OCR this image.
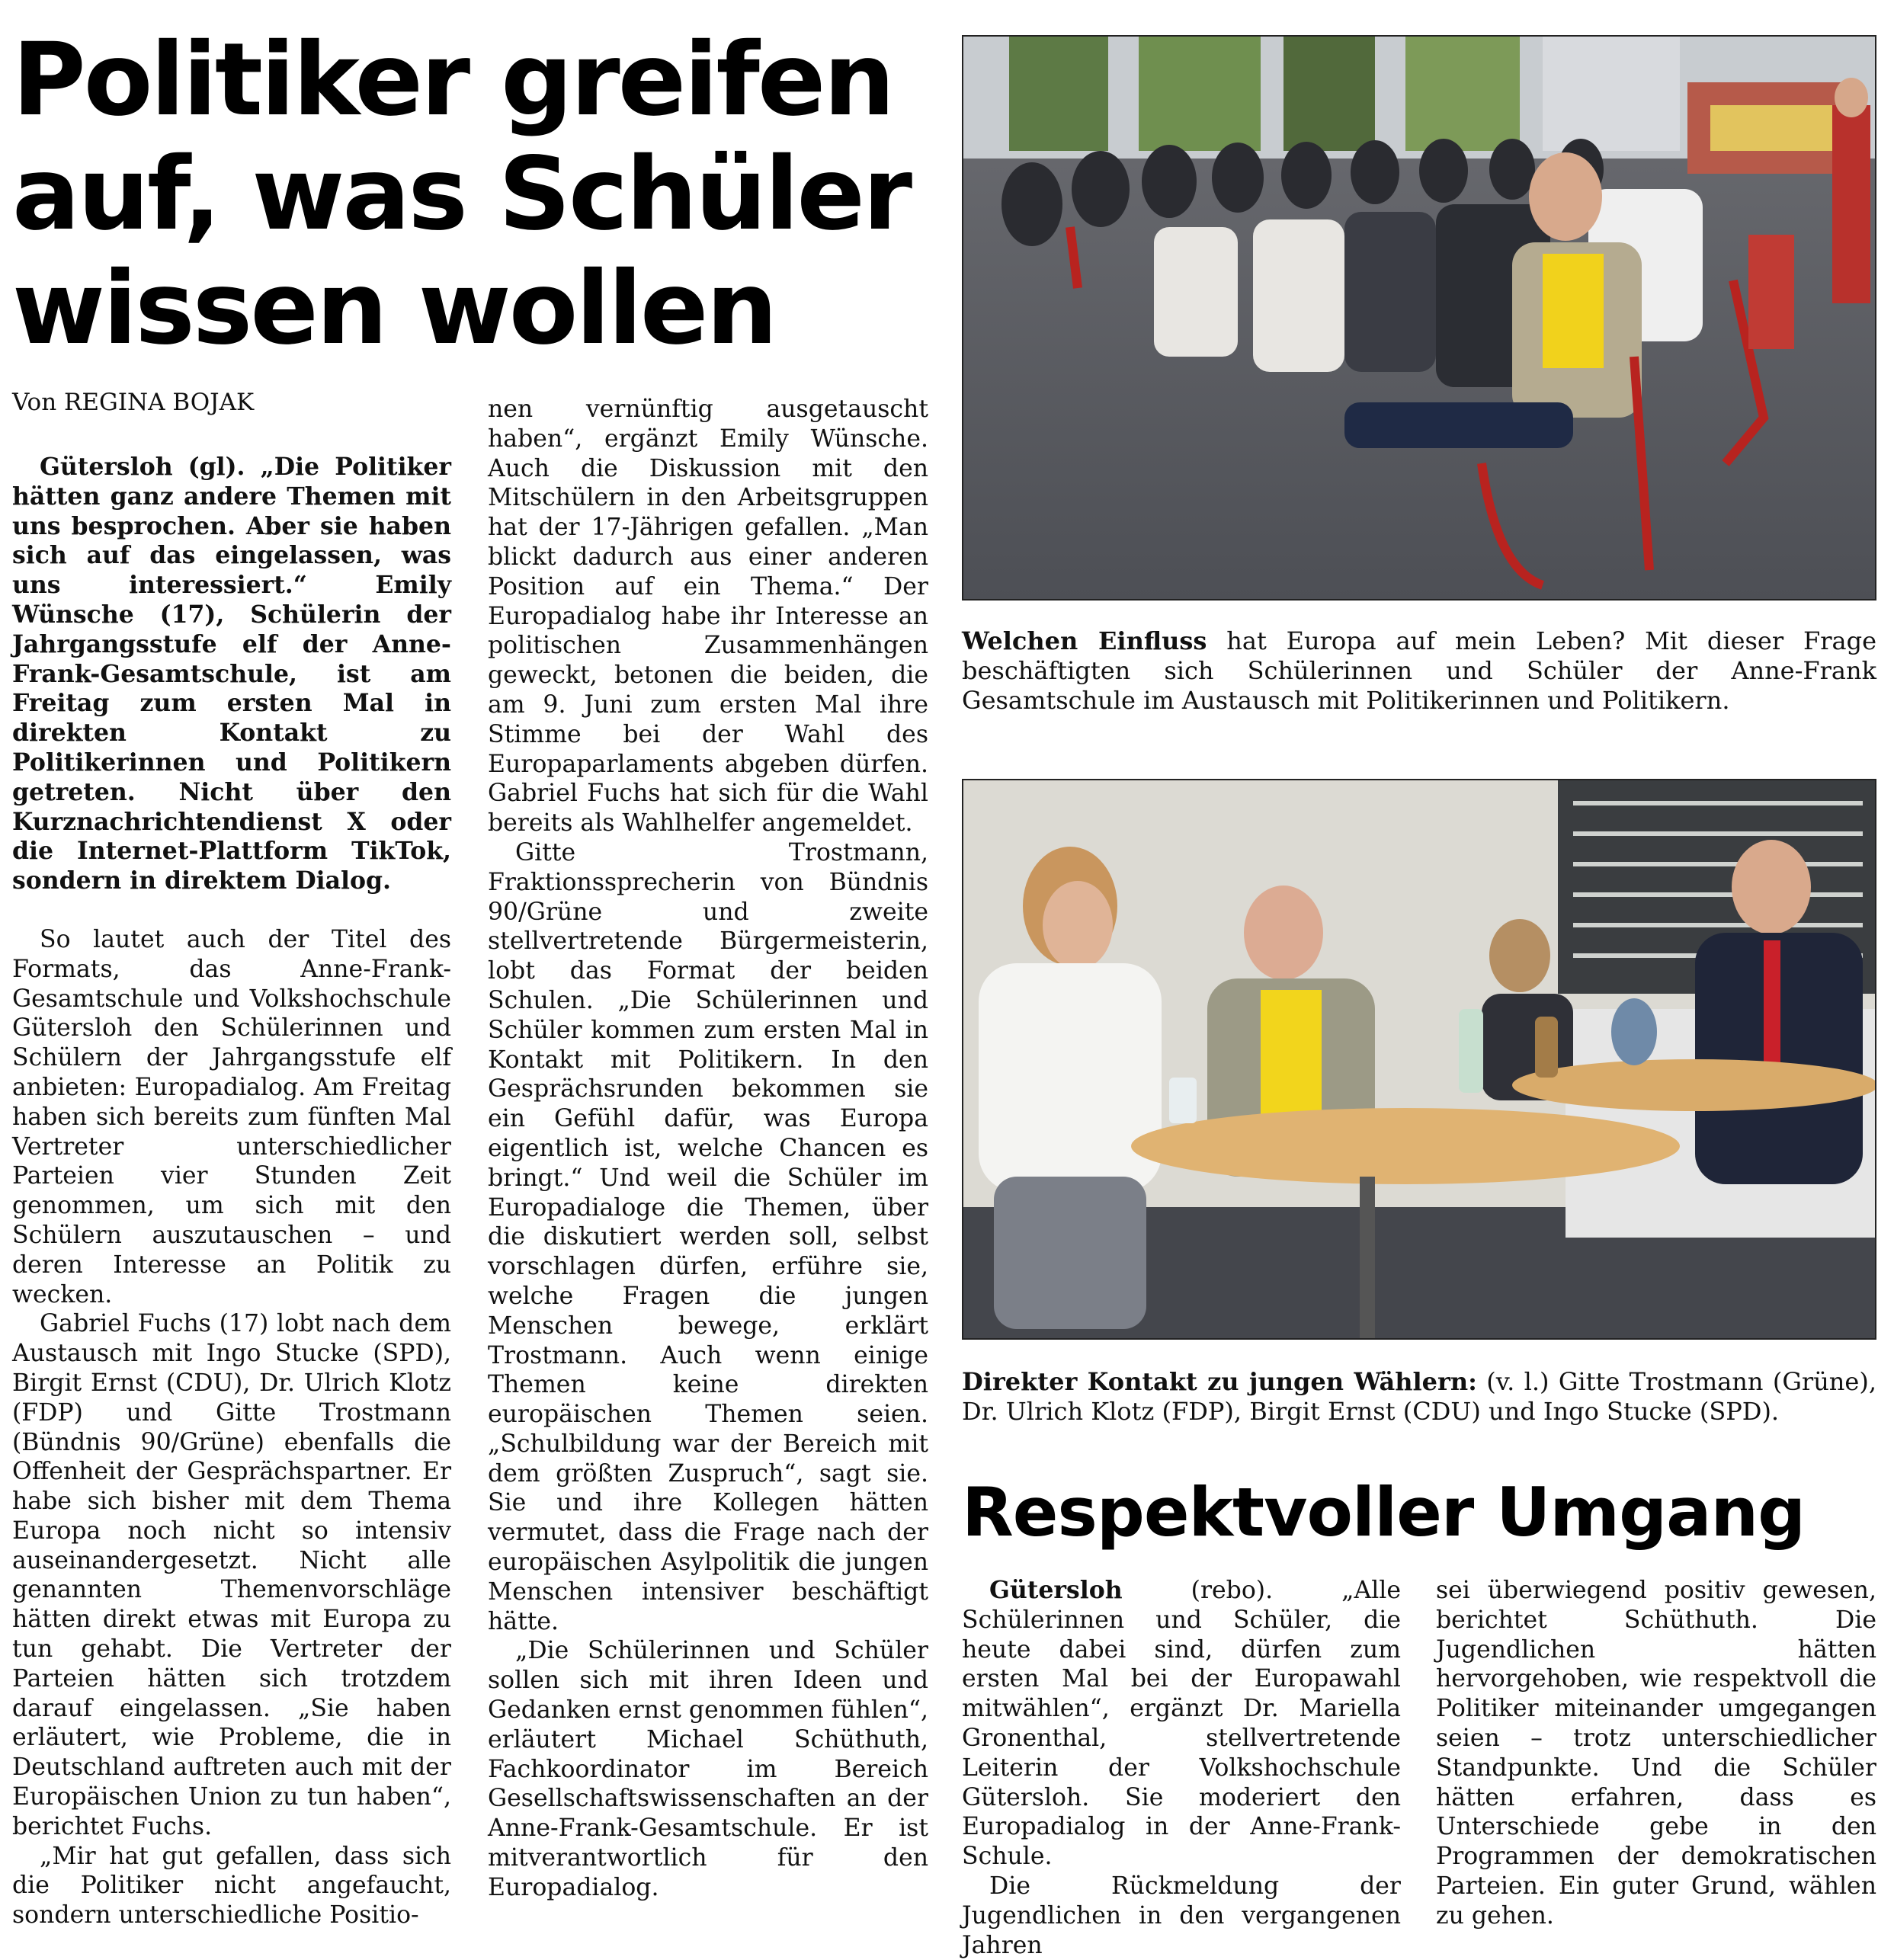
Politiker greifen
auf, was Schüler
wissen wollen
Von REGINA BOJAK

Gütersloh (gl). „Die Politiker hätten ganz andere Themen mit uns besprochen. Aber sie haben sich auf das eingelassen, was uns interessiert.“ Emily Wünsche (17), Schülerin der Jahrgangsstufe elf der Anne-Frank-Gesamtschule, ist am Freitag zum ersten Mal in direkten Kontakt zu Politikerinnen und Politikern getreten. Nicht über den Kurznachrichtendienst X oder die Internet-Plattform TikTok, sondern in direktem Dialog.

So lautet auch der Titel des Formats, das Anne-Frank-Gesamtschule und Volkshochschule Gütersloh den Schülerinnen und Schülern der Jahrgangsstufe elf anbieten: Europadialog. Am Freitag haben sich bereits zum fünften Mal Vertreter unterschiedlicher Parteien vier Stunden Zeit genommen, um sich mit den Schülern auszutauschen – und deren Interesse an Politik zu wecken.

Gabriel Fuchs (17) lobt nach dem Austausch mit Ingo Stucke (SPD), Birgit Ernst (CDU), Dr. Ulrich Klotz (FDP) und Gitte Trostmann (Bündnis 90/Grüne) ebenfalls die Offenheit der Gesprächspartner. Er habe sich bisher mit dem Thema Europa noch nicht so intensiv auseinandergesetzt. Nicht alle genannten Themenvorschläge hätten direkt etwas mit Europa zu tun gehabt. Die Vertreter der Parteien hätten sich trotzdem darauf eingelassen. „Sie haben erläutert, wie Probleme, die in Deutschland auftreten auch mit der Europäischen Union zu tun haben“, berichtet Fuchs.

„Mir hat gut gefallen, dass sich die Politiker nicht angefaucht, sondern unterschiedliche Positio-

nen vernünftig ausgetauscht haben“, ergänzt Emily Wünsche. Auch die Diskussion mit den Mitschülern in den Arbeitsgruppen hat der 17-Jährigen gefallen. „Man blickt dadurch aus einer anderen Position auf ein Thema.“ Der Europadialog habe ihr Interesse an politischen Zusammenhängen geweckt, betonen die beiden, die am 9. Juni zum ersten Mal ihre Stimme bei der Wahl des Europaparlaments abgeben dürfen. Gabriel Fuchs hat sich für die Wahl bereits als Wahlhelfer angemeldet.

Gitte Trostmann, Fraktionssprecherin von Bündnis 90/Grüne und zweite stellvertretende Bürgermeisterin, lobt das Format der beiden Schulen. „Die Schülerinnen und Schüler kommen zum ersten Mal in Kontakt mit Politikern. In den Gesprächsrunden bekommen sie ein Gefühl dafür, was Europa eigentlich ist, welche Chancen es bringt.“ Und weil die Schüler im Europadialoge die Themen, über die diskutiert werden soll, selbst vorschlagen dürfen, erführe sie, welche Fragen die jungen Menschen bewege, erklärt Trostmann. Auch wenn einige Themen keine direkten europäischen Themen seien. „Schulbildung war der Bereich mit dem größten Zuspruch“, sagt sie. Sie und ihre Kollegen hätten vermutet, dass die Frage nach der europäischen Asylpolitik die jungen Menschen intensiver beschäftigt hätte.

„Die Schülerinnen und Schüler sollen sich mit ihren Ideen und Gedanken ernst genommen fühlen“, erläutert Michael Schüthuth, Fachkoordinator im Bereich Gesellschaftswissenschaften an der Anne-Frank-Gesamtschule. Er ist mitverantwortlich für den Europadialog.

Welchen Einfluss hat Europa auf mein Leben? Mit dieser Frage beschäftigten sich Schülerinnen und Schüler der Anne-Frank Gesamtschule im Austausch mit Politikerinnen und Politikern.
Direkter Kontakt zu jungen Wählern: (v. l.) Gitte Trostmann (Grüne), Dr. Ulrich Klotz (FDP), Birgit Ernst (CDU) und Ingo Stucke (SPD).
Respektvoller Umgang

Gütersloh (rebo). „Alle Schülerinnen und Schüler, die heute dabei sind, dürfen zum ersten Mal bei der Europawahl mitwählen“, ergänzt Dr. Mariella Gronenthal, stellvertretende Leiterin der Volkshochschule Gütersloh. Sie moderiert den Europadialog in der Anne-Frank-Schule.

Die Rückmeldung der Jugendlichen in den vergangenen Jahren

sei überwiegend positiv gewesen, berichtet Schüthuth. Die Jugendlichen hätten hervorgehoben, wie respektvoll die Politiker miteinander umgegangen seien – trotz unterschiedlicher Standpunkte. Und die Schüler hätten erfahren, dass es Unterschiede gebe in den Programmen der demokratischen Parteien. Ein guter Grund, wählen zu gehen.
